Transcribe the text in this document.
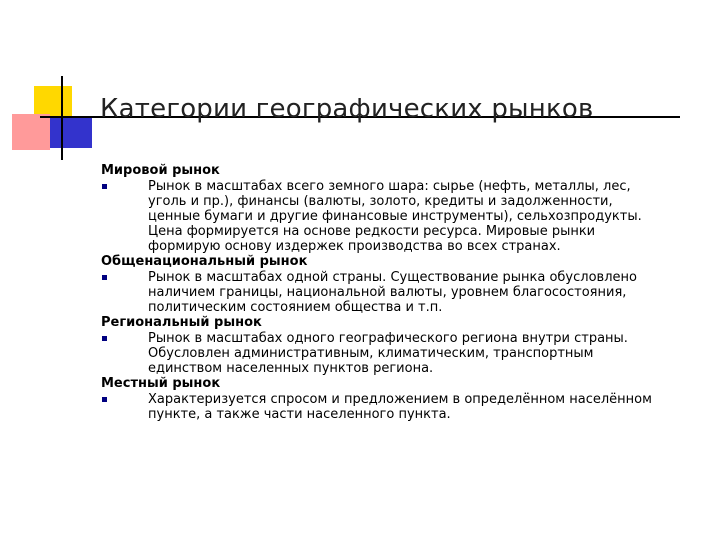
Категории географических рынков
Мировой рынок
Рынок в масштабах всего земного шара: сырье (нефть, металлы, лес,
уголь и пр.), финансы (валюты, золото, кредиты и задолженности,
ценные бумаги и другие финансовые инструменты), сельхозпродукты.
Цена формируется на основе редкости ресурса. Мировые рынки
формирую основу издержек производства во всех странах.
Общенациональный рынок
Рынок в масштабах одной страны. Существование рынка обусловлено
наличием границы, национальной валюты, уровнем благосостояния,
политическим состоянием общества и т.п.
Региональный рынок
Рынок в масштабах одного географического региона внутри страны.
Обусловлен административным, климатическим, транспортным
единством населенных пунктов региона.
Местный рынок
Характеризуется спросом и предложением в определённом населённом
пункте, а также части населенного пункта.
